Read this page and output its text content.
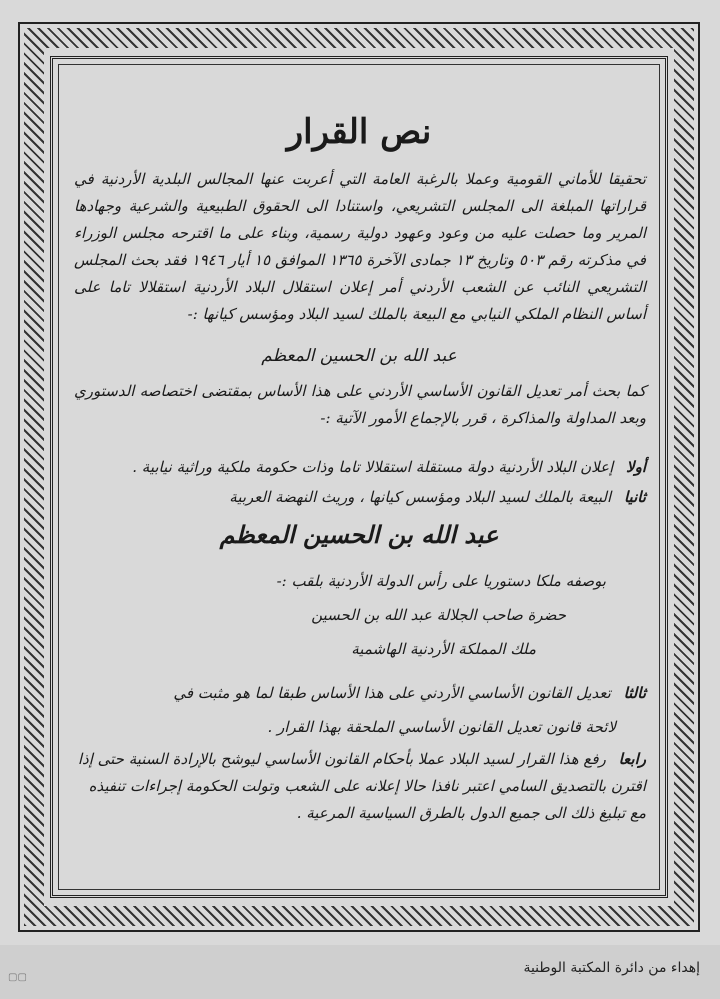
نص القرار
تحقيقا للأماني القومية وعملا بالرغبة العامة التي أعربت عنها المجالس البلدية الأردنية في قراراتها المبلغة الى المجلس التشريعي، واستنادا الى الحقوق الطبيعية والشرعية وجهادها المرير وما حصلت عليه من وعود وعهود دولية رسمية، وبناء على ما اقترحه مجلس الوزراء في مذكرته رقم ٥٠٣ وتاريخ ١٣ جمادى الآخرة ١٣٦٥ الموافق ١٥ أيار ١٩٤٦ فقد بحث المجلس التشريعي النائب عن الشعب الأردني أمر إعلان استقلال البلاد الأردنية استقلالا تاما على أساس النظام الملكي النيابي مع البيعة بالملك لسيد البلاد ومؤسس كيانها :-
عبد الله بن الحسين المعظم
كما بحث أمر تعديل القانون الأساسي الأردني على هذا الأساس بمقتضى اختصاصه الدستوري وبعد المداولة والمذاكرة ، قرر بالإجماع الأمور الآتية :-
أولا إعلان البلاد الأردنية دولة مستقلة استقلالا تاما وذات حكومة ملكية وراثية نيابية .
ثانيا البيعة بالملك لسيد البلاد ومؤسس كيانها ، وريث النهضة العربية
عبد الله بن الحسين المعظم
بوصفه ملكا دستوريا على رأس الدولة الأردنية بلقب :-
حضرة صاحب الجلالة عبد الله بن الحسين
ملك المملكة الأردنية الهاشمية
ثالثا تعديل القانون الأساسي الأردني على هذا الأساس طبقا لما هو مثبت في
لائحة قانون تعديل القانون الأساسي الملحقة بهذا القرار .
رابعا رفع هذا القرار لسيد البلاد عملا بأحكام القانون الأساسي ليوشح بالإرادة السنية حتى إذا اقترن بالتصديق السامي اعتبر نافذا حالا إعلانه على الشعب وتولت الحكومة إجراءات تنفيذه مع تبليغ ذلك الى جميع الدول بالطرق السياسية المرعية .
إهداء من دائرة المكتبة الوطنية
▢▢
